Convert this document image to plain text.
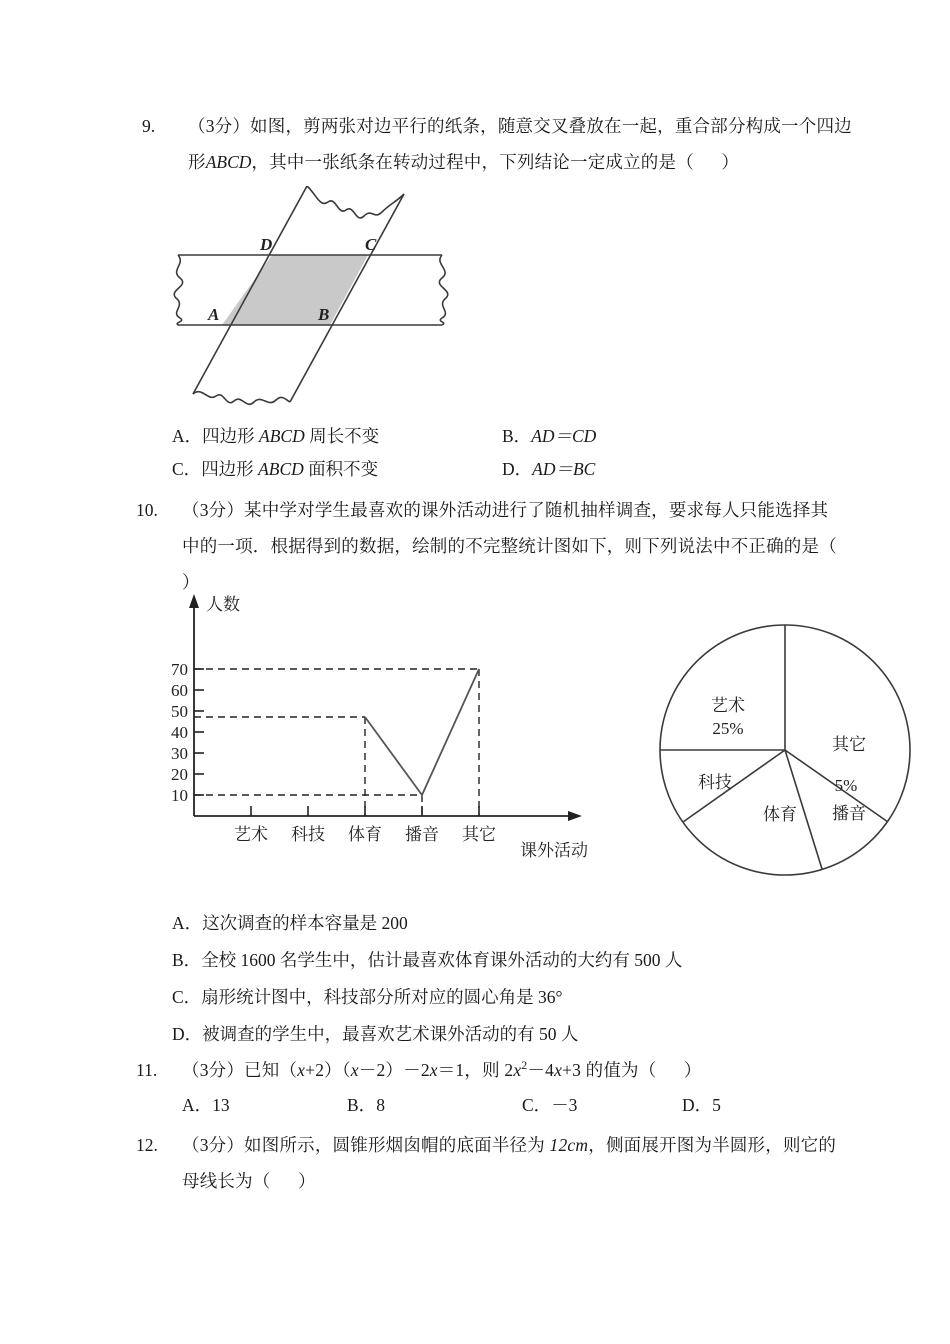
9.	（3分）如图，剪两张对边平行的纸条，随意交叉叠放在一起，重合部分构成一个四边
形 ABCD ，其中一张纸条在转动过程中，下列结论一定成立的是（      ）
A	B
C
D
A．四边形 ABCD 周长不变	B．AD＝CD
C．四边形 ABCD 面积不变	D．AD＝BC
10.	（3分）某中学对学生最喜欢的课外活动进行了随机抽样调查，要求每人只能选择其
中的一项．根据得到的数据，绘制的不完整统计图如下，则下列说法中不正确的是（
）
人数
课外活动
10
20
30
40
50
60
70
艺术 科技 体育 播音 其它
艺术
25%
其它
科技
体育
5%
播音
A． 这次调查的样本容量是 200
B． 全校 1600 名学生中，估计最喜欢体育课外活动的大约有 500 人
C． 扇形统计图中，科技部分所对应的圆心角是 36°
D． 被调查的学生中，最喜欢艺术课外活动的有 50 人
11.	（3分）已知（x+2）（x－2）－2x＝1，则 $2x^2-4x+3$ 的值为（      ）
A．13	B．8	C．－3	D．5
12.	（3分）如图所示，圆锥形烟囱帽的底面半径为 12cm，侧面展开图为半圆形，则它的
母线长为（      ）
